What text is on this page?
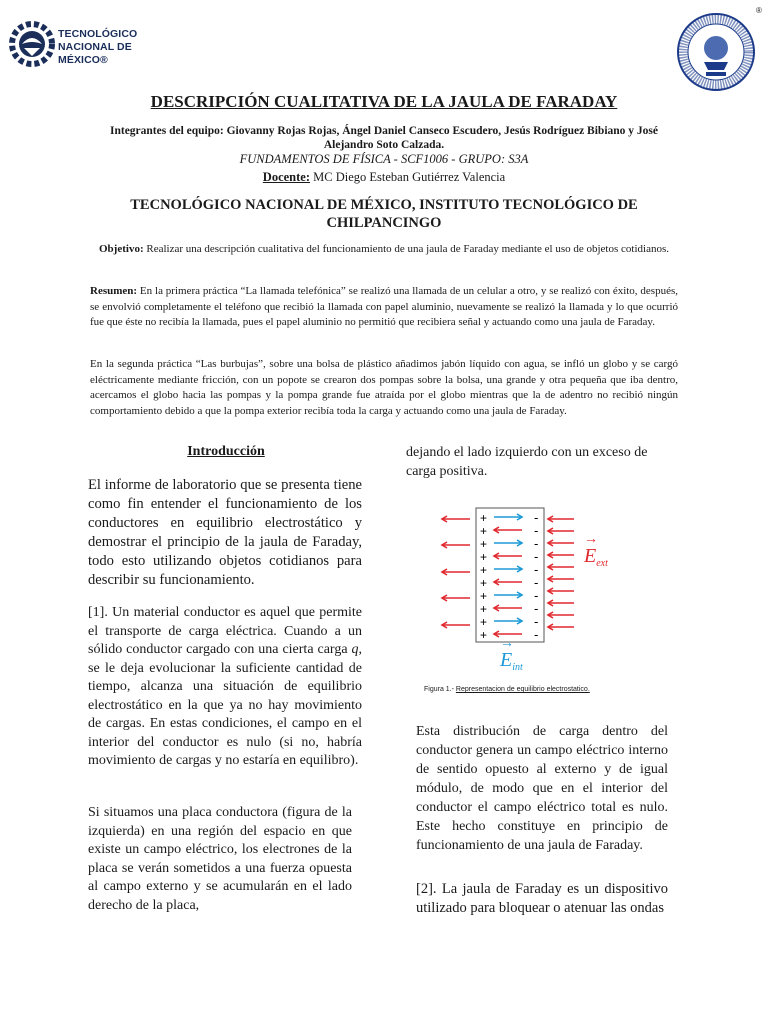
TECNOLÓGICO
NACIONAL DE MÉXICO®
®
DESCRIPCIÓN CUALITATIVA DE LA JAULA DE FARADAY
Integrantes del equipo: Giovanny Rojas Rojas, Ángel Daniel Canseco Escudero, Jesús Rodríguez Bibiano y José Alejandro Soto Calzada.
FUNDAMENTOS DE FÍSICA - SCF1006 - GRUPO: S3A
Docente: MC Diego Esteban Gutiérrez Valencia
TECNOLÓGICO NACIONAL DE MÉXICO, INSTITUTO TECNOLÓGICO DE CHILPANCINGO
Objetivo: Realizar una descripción cualitativa del funcionamiento de una jaula de Faraday mediante el uso de objetos cotidianos.
Resumen: En la primera práctica “La llamada telefónica” se realizó una llamada de un celular a otro, y se realizó con éxito, después, se envolvió completamente el teléfono que recibió la llamada con papel aluminio, nuevamente se realizó la llamada y lo que ocurrió fue que éste no recibía la llamada, pues el papel aluminio no permitió que recibiera señal y actuando como una jaula de Faraday.
En la segunda práctica “Las burbujas”, sobre una bolsa de plástico añadimos jabón líquido con agua, se infló un globo y se cargó eléctricamente mediante fricción, con un popote se crearon dos pompas sobre la bolsa, una grande y otra pequeña que iba dentro, acercamos el globo hacia las pompas y la pompa grande fue atraída por el globo mientras que la de adentro no recibió ningún comportamiento debido a que la pompa exterior recibía toda la carga y actuando como una jaula de Faraday.
Introducción
El informe de laboratorio que se presenta tiene como fin entender el funcionamiento de los conductores en equilibrio electrostático y demostrar el principio de la jaula de Faraday, todo esto utilizando objetos cotidianos para describir su funcionamiento.
[1]. Un material conductor es aquel que permite el transporte de carga eléctrica. Cuando a un sólido conductor cargado con una cierta carga q, se le deja evolucionar la suficiente cantidad de tiempo, alcanza una situación de equilibrio electrostático en la que ya no hay movimiento de cargas. En estas condiciones, el campo en el interior del conductor es nulo (si no, habría movimiento de cargas y no estaría en equilibro).
Si situamos una placa conductora (figura de la izquierda) en una región del espacio en que existe un campo eléctrico, los electrones de la placa se verán sometidos a una fuerza opuesta al campo externo y se acumularán en el lado derecho de la placa,
dejando el lado izquierdo con un exceso de carga positiva.
+	-
+	-
+	-
+	-
+	-
+	-
+	-
+	-
+	-
+	-
$E_{ext}$
→
$E_{int}$
→
Figura 1.- Representacion de equilibrio electrostatico.
Esta distribución de carga dentro del conductor genera un campo eléctrico interno de sentido opuesto al externo y de igual módulo, de modo que en el interior del conductor el campo eléctrico total es nulo. Este hecho constituye en principio de funcionamiento de una jaula de Faraday.
[2]. La jaula de Faraday es un dispositivo utilizado para bloquear o atenuar las ondas
